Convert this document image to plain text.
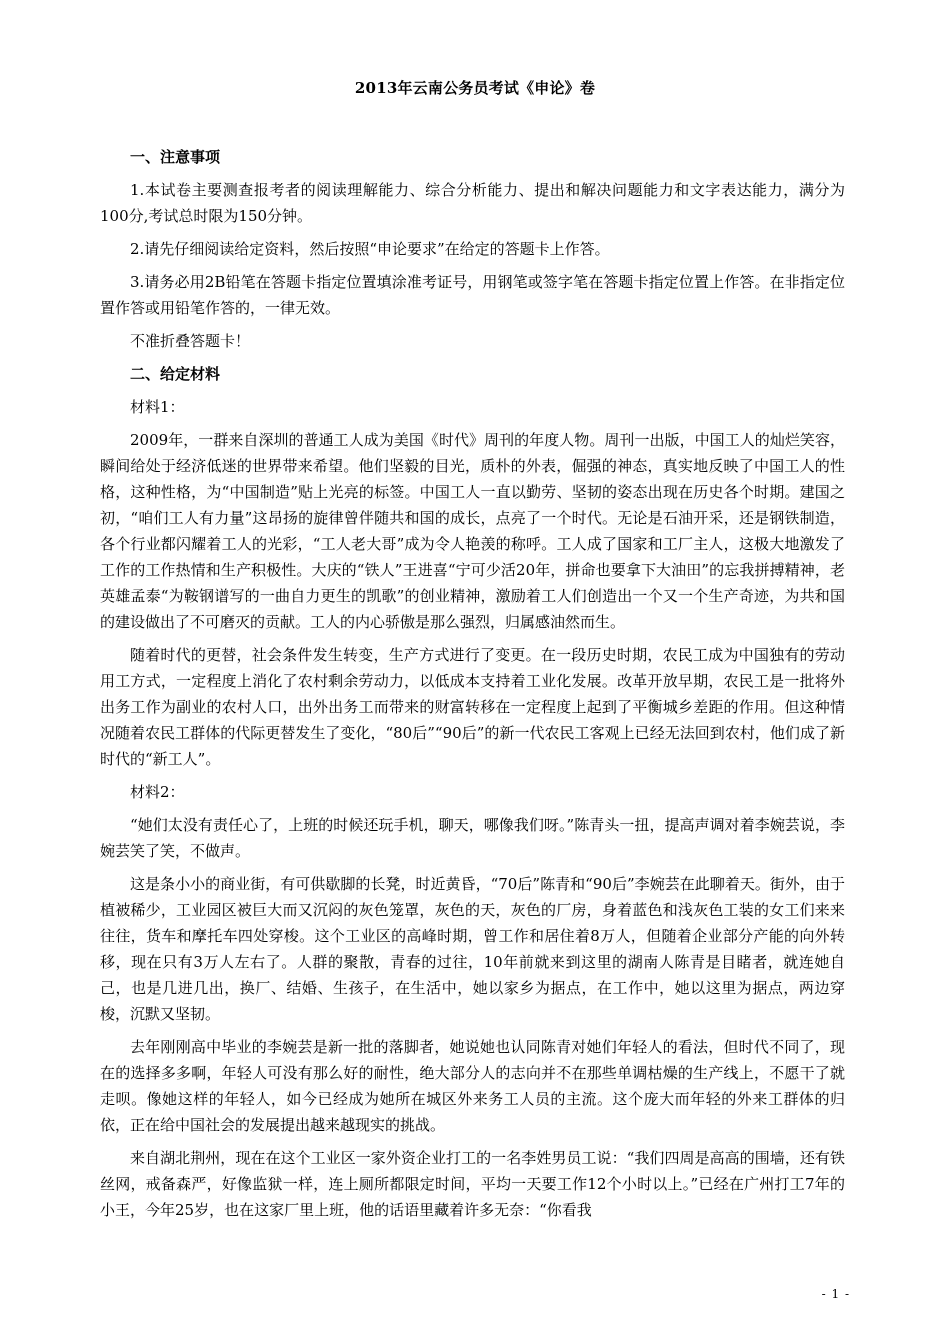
2013年云南公务员考试《申论》卷
一、注意事项

1.本试卷主要测查报考者的阅读理解能力、综合分析能力、提出和解决问题能力和文字表达能力，满分为100分,考试总时限为150分钟。

2.请先仔细阅读给定资料，然后按照“申论要求”在给定的答题卡上作答。

3.请务必用2B铅笔在答题卡指定位置填涂准考证号，用钢笔或签字笔在答题卡指定位置上作答。在非指定位置作答或用铅笔作答的，一律无效。

不准折叠答题卡！

二、给定材料

材料1：

2009年，一群来自深圳的普通工人成为美国《时代》周刊的年度人物。周刊一出版，中国工人的灿烂笑容，瞬间给处于经济低迷的世界带来希望。他们坚毅的目光，质朴的外表，倔强的神态，真实地反映了中国工人的性格，这种性格，为“中国制造”贴上光亮的标签。中国工人一直以勤劳、坚韧的姿态出现在历史各个时期。建国之初，“咱们工人有力量”这昂扬的旋律曾伴随共和国的成长，点亮了一个时代。无论是石油开采，还是钢铁制造，各个行业都闪耀着工人的光彩，“工人老大哥”成为令人艳羡的称呼。工人成了国家和工厂主人，这极大地激发了工作的工作热情和生产积极性。大庆的“铁人”王进喜“宁可少活20年，拼命也要拿下大油田”的忘我拼搏精神，老英雄孟泰“为鞍钢谱写的一曲自力更生的凯歌”的创业精神，激励着工人们创造出一个又一个生产奇迹，为共和国的建设做出了不可磨灭的贡献。工人的内心骄傲是那么强烈，归属感油然而生。

随着时代的更替，社会条件发生转变，生产方式进行了变更。在一段历史时期，农民工成为中国独有的劳动用工方式，一定程度上消化了农村剩余劳动力，以低成本支持着工业化发展。改革开放早期，农民工是一批将外出务工作为副业的农村人口，出外出务工而带来的财富转移在一定程度上起到了平衡城乡差距的作用。但这种情况随着农民工群体的代际更替发生了变化，“80后”“90后”的新一代农民工客观上已经无法回到农村，他们成了新时代的“新工人”。

材料2：

“她们太没有责任心了，上班的时候还玩手机，聊天，哪像我们呀。”陈青头一扭，提高声调对着李婉芸说，李婉芸笑了笑，不做声。

这是条小小的商业街，有可供歇脚的长凳，时近黄昏，“70后”陈青和“90后”李婉芸在此聊着天。街外，由于植被稀少，工业园区被巨大而又沉闷的灰色笼罩，灰色的天，灰色的厂房，身着蓝色和浅灰色工装的女工们来来往往，货车和摩托车四处穿梭。这个工业区的高峰时期，曾工作和居住着8万人，但随着企业部分产能的向外转移，现在只有3万人左右了。人群的聚散，青春的过往，10年前就来到这里的湖南人陈青是目睹者，就连她自己，也是几进几出，换厂、结婚、生孩子，在生活中，她以家乡为据点，在工作中，她以这里为据点，两边穿梭，沉默又坚韧。

去年刚刚高中毕业的李婉芸是新一批的落脚者，她说她也认同陈青对她们年轻人的看法，但时代不同了，现在的选择多多啊，年轻人可没有那么好的耐性，绝大部分人的志向并不在那些单调枯燥的生产线上，不愿干了就走呗。像她这样的年轻人，如今已经成为她所在城区外来务工人员的主流。这个庞大而年轻的外来工群体的归依，正在给中国社会的发展提出越来越现实的挑战。

来自湖北荆州，现在在这个工业区一家外资企业打工的一名李姓男员工说：“我们四周是高高的围墙，还有铁丝网，戒备森严，好像监狱一样，连上厕所都限定时间，平均一天要工作12个小时以上。”已经在广州打工7年的小王，今年25岁，也在这家厂里上班，他的话语里藏着许多无奈：“你看我

- 1 -
